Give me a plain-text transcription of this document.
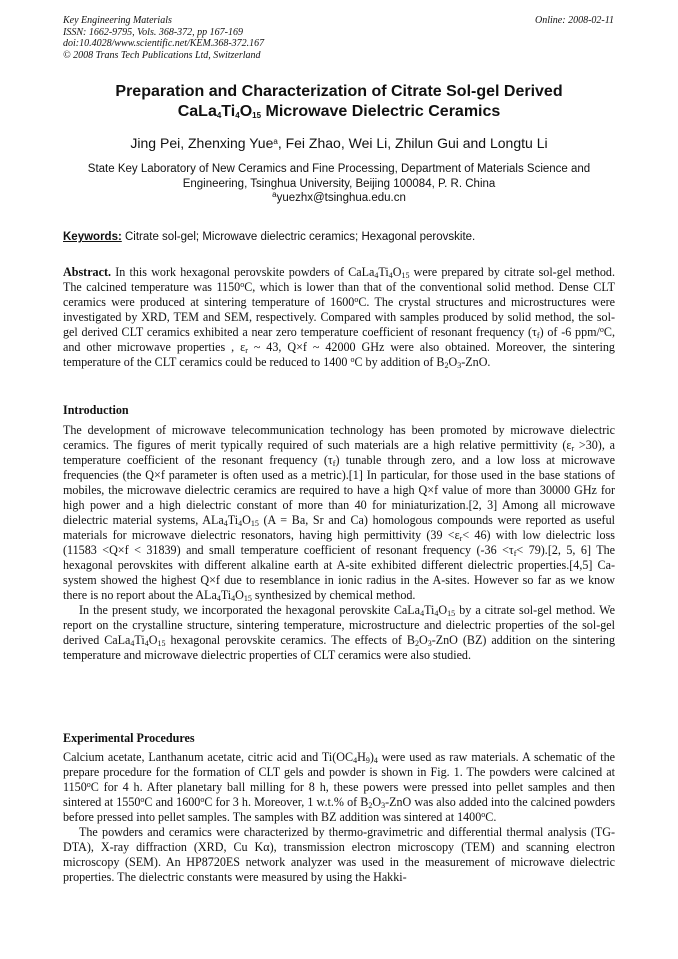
Key Engineering Materials
ISSN: 1662-9795, Vols. 368-372, pp 167-169
doi:10.4028/www.scientific.net/KEM.368-372.167
© 2008 Trans Tech Publications Ltd, Switzerland
Online: 2008-02-11
Preparation and Characterization of Citrate Sol-gel Derived
$CaLa_4Ti_4O_{15}$ Microwave Dielectric Ceramics
Jing Pei, Zhenxing Yue$^a$, Fei Zhao, Wei Li, Zhilun Gui and Longtu Li
State Key Laboratory of New Ceramics and Fine Processing, Department of Materials Science and Engineering, Tsinghua University, Beijing 100084, P. R. China
$^a$yuezhx@tsinghua.edu.cn
Keywords: Citrate sol-gel; Microwave dielectric ceramics; Hexagonal perovskite.
Abstract. In this work hexagonal perovskite powders of $CaLa_4Ti_4O_{15}$ were prepared by citrate sol-gel method. The calcined temperature was 1150$^o$C, which is lower than that of the conventional solid method. Dense CLT ceramics were produced at sintering temperature of 1600$^o$C. The crystal structures and microstructures were investigated by XRD, TEM and SEM, respectively. Compared with samples produced by solid method, the sol-gel derived CLT ceramics exhibited a near zero temperature coefficient of resonant frequency $(\tau_f)$ of -6 ppm/$^o$C, and other microwave properties , $\varepsilon_r$ ~ 43, Q×f ~ 42000 GHz were also obtained. Moreover, the sintering temperature of the CLT ceramics could be reduced to 1400 $^o$C by addition of $B_2O_3$-ZnO.
Introduction

The development of microwave telecommunication technology has been promoted by microwave dielectric ceramics. The figures of merit typically required of such materials are a high relative permittivity $(\varepsilon_r >30)$, a temperature coefficient of the resonant frequency $(\tau_f)$ tunable through zero, and a low loss at microwave frequencies (the Q×f parameter is often used as a metric).[1] In particular, for those used in the base stations of mobiles, the microwave dielectric ceramics are required to have a high Q×f value of more than 30000 GHz for high power and a high dielectric constant of more than 40 for miniaturization.[2, 3] Among all microwave dielectric material systems, $ALa_4Ti_4O_{15}$ (A = Ba, Sr and Ca) homologous compounds were reported as useful materials for microwave dielectric resonators, having high permittivity $(39 <\varepsilon_r< 46)$ with low dielectric loss (11583 <Q×f < 31839) and small temperature coefficient of resonant frequency $(-36 <\tau_f< 79).[2$, 5, 6] The hexagonal perovskites with different alkaline earth at A-site exhibited different dielectric properties.[4,5] Ca-system showed the highest Q×f due to resemblance in ionic radius in the A-sites. However so far as we know there is no report about the $ALa_4Ti_4O_{15}$ synthesized by chemical method.

In the present study, we incorporated the hexagonal perovskite $CaLa_4Ti_4O_{15}$ by a citrate sol-gel method. We report on the crystalline structure, sintering temperature, microstructure and dielectric properties of the sol-gel derived $CaLa_4Ti_4O_{15}$ hexagonal perovskite ceramics. The effects of $B_2O_3$-ZnO (BZ) addition on the sintering temperature and microwave dielectric properties of CLT ceramics were also studied.

Experimental Procedures

Calcium acetate, Lanthanum acetate, citric acid and $Ti(OC_4H_9)_4$ were used as raw materials. A schematic of the prepare procedure for the formation of CLT gels and powder is shown in Fig. 1. The powders were calcined at 1150$^o$C for 4 h. After planetary ball milling for 8 h, these powers were pressed into pellet samples and then sintered at 1550$^o$C and 1600$^o$C for 3 h. Moreover, 1 w.t.% of $B_2O_3$-ZnO was also added into the calcined powders before pressed into pellet samples. The samples with BZ addition was sintered at 1400$^o$C.

The powders and ceramics were characterized by thermo-gravimetric and differential thermal analysis (TG-DTA), X-ray diffraction (XRD, Cu Kα), transmission electron microscopy (TEM) and scanning electron microscopy (SEM). An HP8720ES network analyzer was used in the measurement of microwave dielectric properties. The dielectric constants were measured by using the Hakki-
